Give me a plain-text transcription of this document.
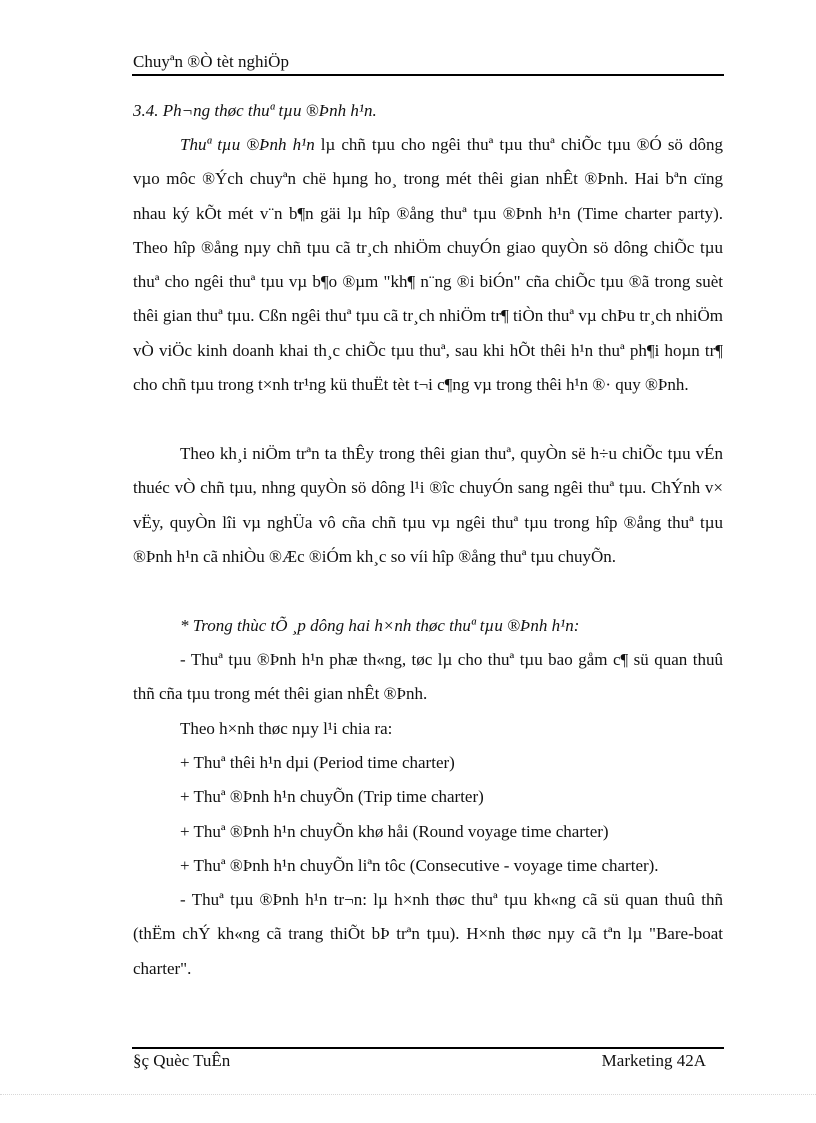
Chuyªn ®Ò tèt nghiÖp

3.4. Ph¬ng thøc thuª tµu ®Þnh h¹n.

Thuª tµu ®Þnh h¹n lµ chñ tµu cho ngêi thuª tµu thuª chiÕc tµu ®Ó sö dông vµo môc ®Ých chuyªn chë hµng ho¸ trong mét thêi gian nhÊt ®Þnh. Hai bªn cïng nhau ký kÕt mét v¨n b¶n gäi lµ hîp ®ång thuª tµu ®Þnh h¹n (Time charter party). Theo hîp ®ång nµy chñ tµu cã tr¸ch nhiÖm chuyÓn giao quyÒn sö dông chiÕc tµu thuª cho ngêi thuª tµu vµ b¶o ®µm "kh¶ n¨ng ®i biÓn" cña chiÕc tµu ®ã trong suèt thêi gian thuª tµu. Cßn ngêi thuª tµu cã tr¸ch nhiÖm tr¶ tiÒn thuª vµ chÞu tr¸ch nhiÖm vÒ viÖc kinh doanh khai th¸c chiÕc tµu thuª, sau khi hÕt thêi h¹n thuª ph¶i hoµn tr¶ cho chñ tµu trong t×nh tr¹ng kü thuËt tèt t¬i c¶ng vµ trong thêi h¹n ®· quy ®Þnh.

Theo kh¸i niÖm trªn ta thÊy trong thêi gian thuª, quyÒn së h÷u chiÕc tµu vÉn thuéc vÒ chñ tµu, nhng quyÒn sö dông l¹i ®îc chuyÓn sang ngêi thuª tµu. ChÝnh v× vËy, quyÒn lîi vµ nghÜa vô cña chñ tµu vµ ngêi thuª tµu trong hîp ®ång thuª tµu ®Þnh h¹n cã nhiÒu ®Æc ®iÓm kh¸c so víi hîp ®ång thuª tµu chuyÕn.

* Trong thùc tÕ ¸p dông hai h×nh thøc thuª tµu ®Þnh h¹n:

- Thuª tµu ®Þnh h¹n phæ th«ng, tøc lµ cho thuª tµu bao gåm c¶ sü quan thuû thñ cña tµu trong mét thêi gian nhÊt ®Þnh.

Theo h×nh thøc nµy l¹i chia ra:

+ Thuª thêi h¹n dµi (Period time charter)

+ Thuª ®Þnh h¹n chuyÕn (Trip time charter)

+ Thuª ®Þnh h¹n chuyÕn khø håi (Round voyage time charter)

+ Thuª ®Þnh h¹n chuyÕn liªn tôc (Consecutive - voyage time charter).

- Thuª tµu ®Þnh h¹n tr¬n: lµ h×nh thøc thuª tµu kh«ng cã sü quan thuû thñ (thËm chÝ kh«ng cã trang thiÕt bÞ trªn tµu). H×nh thøc nµy cã tªn lµ "Bare-boat charter".

§ç Quèc TuÊn	Marketing 42A
